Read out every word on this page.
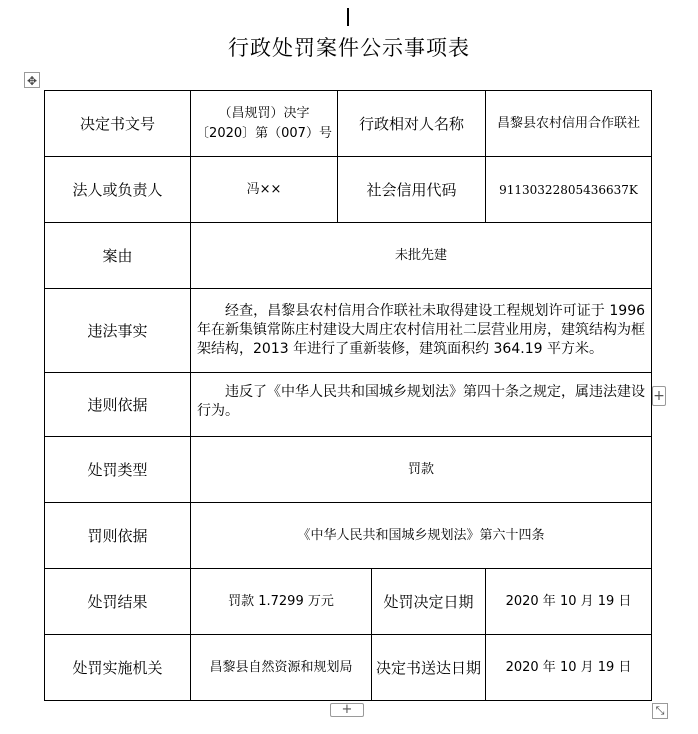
行政处罚案件公示事项表
✥
决定书文号	（昌规罚）决字〔2020〕第（007）号	行政相对人名称		昌黎县农村信用合作联社
法人或负责人	冯××	社会信用代码		91130322805436637K
案由	未批先建			
违法事实	经查，昌黎县农村信用合作联社未取得建设工程规划许可证于 1996 年在新集镇常陈庄村建设大周庄农村信用社二层营业用房，建筑结构为框架结构，2013 年进行了重新装修，建筑面积约 364.19 平方米。			

违则依据	违反了《中华人民共和国城乡规划法》第四十条之规定，属违法建设行为。			

处罚类型	罚款			
罚则依据	《中华人民共和国城乡规划法》第六十四条			
处罚结果	罚款 1.7299 万元		处罚决定日期	2020 年 10 月 19 日
处罚实施机关	昌黎县自然资源和规划局		决定书送达日期	2020 年 10 月 19 日
+
+	⤡
